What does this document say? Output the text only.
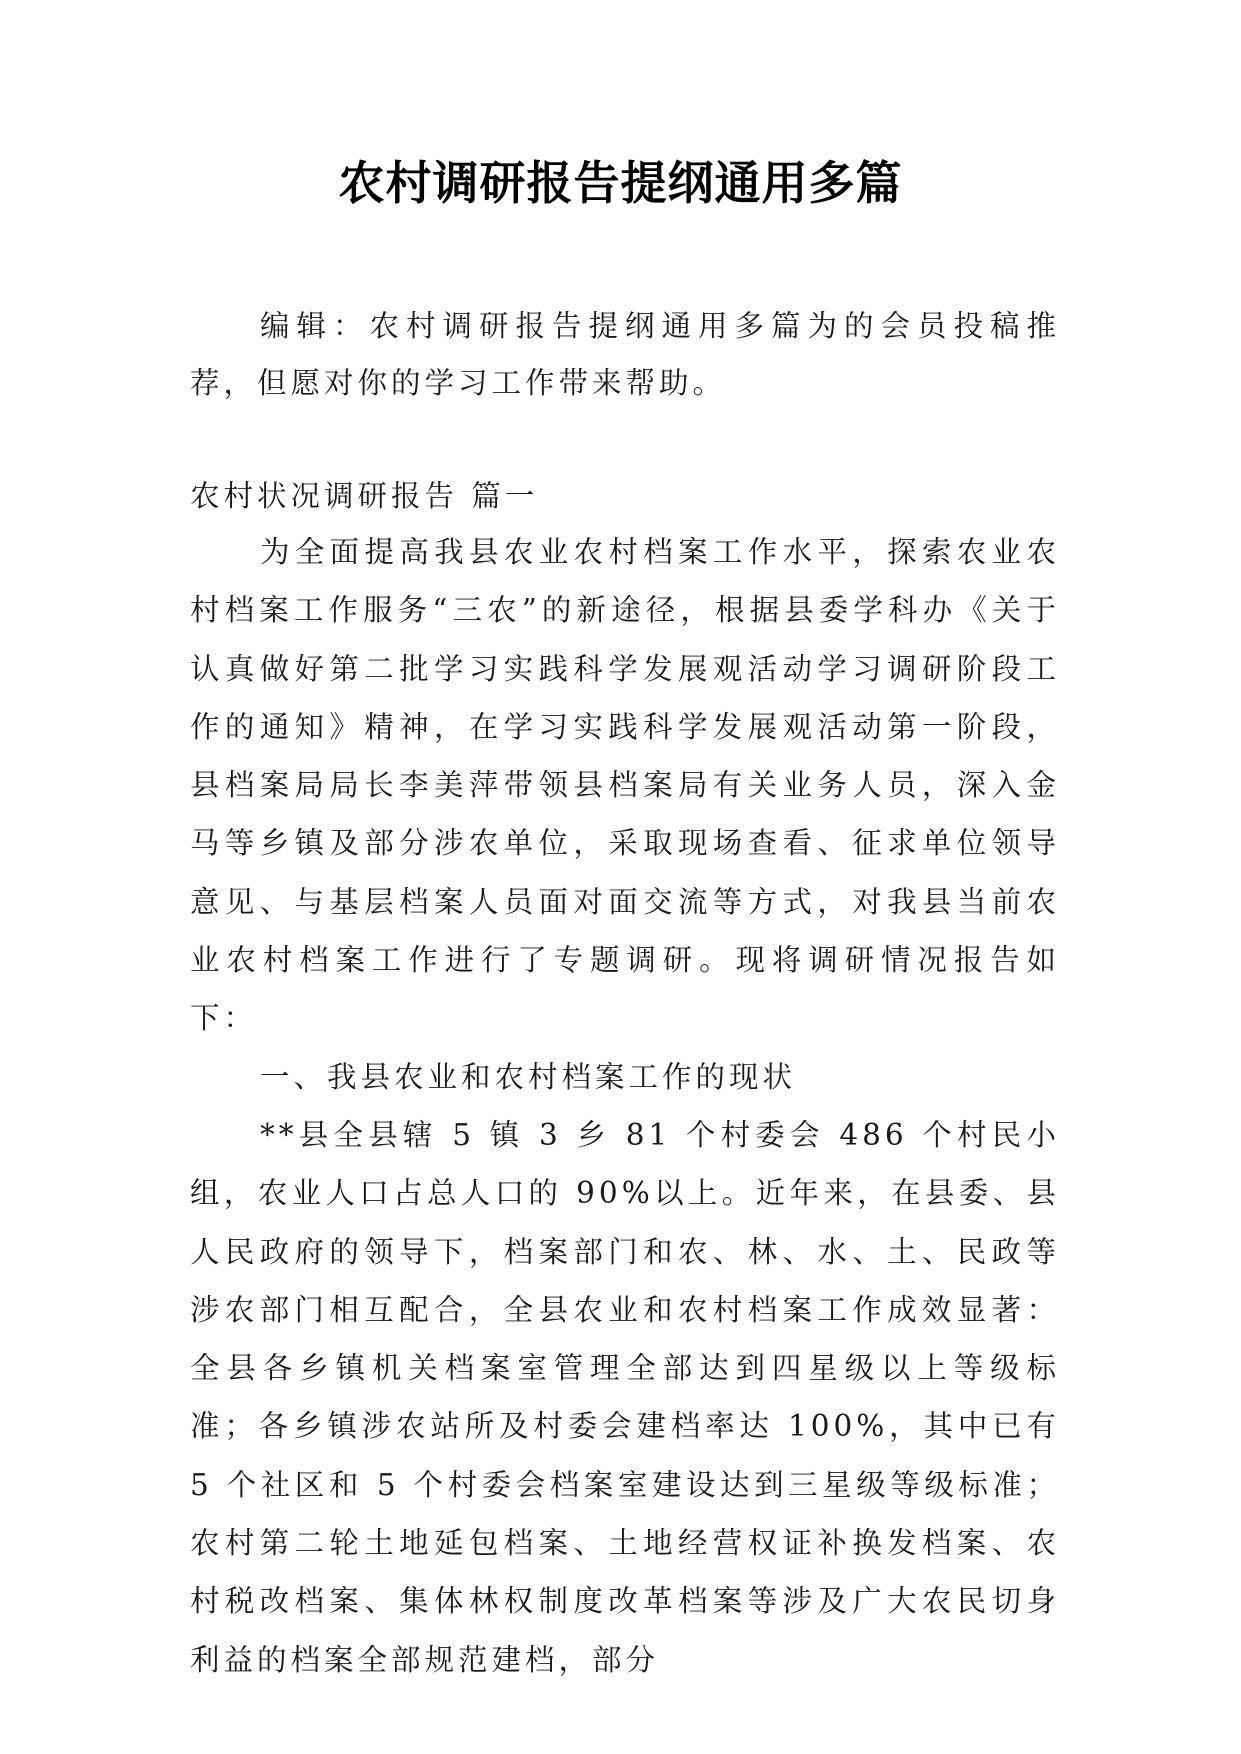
农村调研报告提纲通用多篇

编辑：农村调研报告提纲通用多篇为的会员投稿推荐，但愿对你的学习工作带来帮助。

农村状况调研报告 篇一

为全面提高我县农业农村档案工作水平，探索农业农村档案工作服务“三农”的新途径，根据县委学科办《关于认真做好第二批学习实践科学发展观活动学习调研阶段工作的通知》精神，在学习实践科学发展观活动第一阶段，县档案局局长李美萍带领县档案局有关业务人员，深入金马等乡镇及部分涉农单位，采取现场查看、征求单位领导意见、与基层档案人员面对面交流等方式，对我县当前农业农村档案工作进行了专题调研。现将调研情况报告如下：

一、我县农业和农村档案工作的现状

**县全县辖 5 镇 3 乡 81 个村委会 486 个村民小组，农业人口占总人口的 90%以上。近年来，在县委、县人民政府的领导下，档案部门和农、林、水、土、民政等涉农部门相互配合，全县农业和农村档案工作成效显著：全县各乡镇机关档案室管理全部达到四星级以上等级标准；各乡镇涉农站所及村委会建档率达 100%，其中已有 5 个社区和 5 个村委会档案室建设达到三星级等级标准；农村第二轮土地延包档案、土地经营权证补换发档案、农村税改档案、集体林权制度改革档案等涉及广大农民切身利益的档案全部规范建档，部分
